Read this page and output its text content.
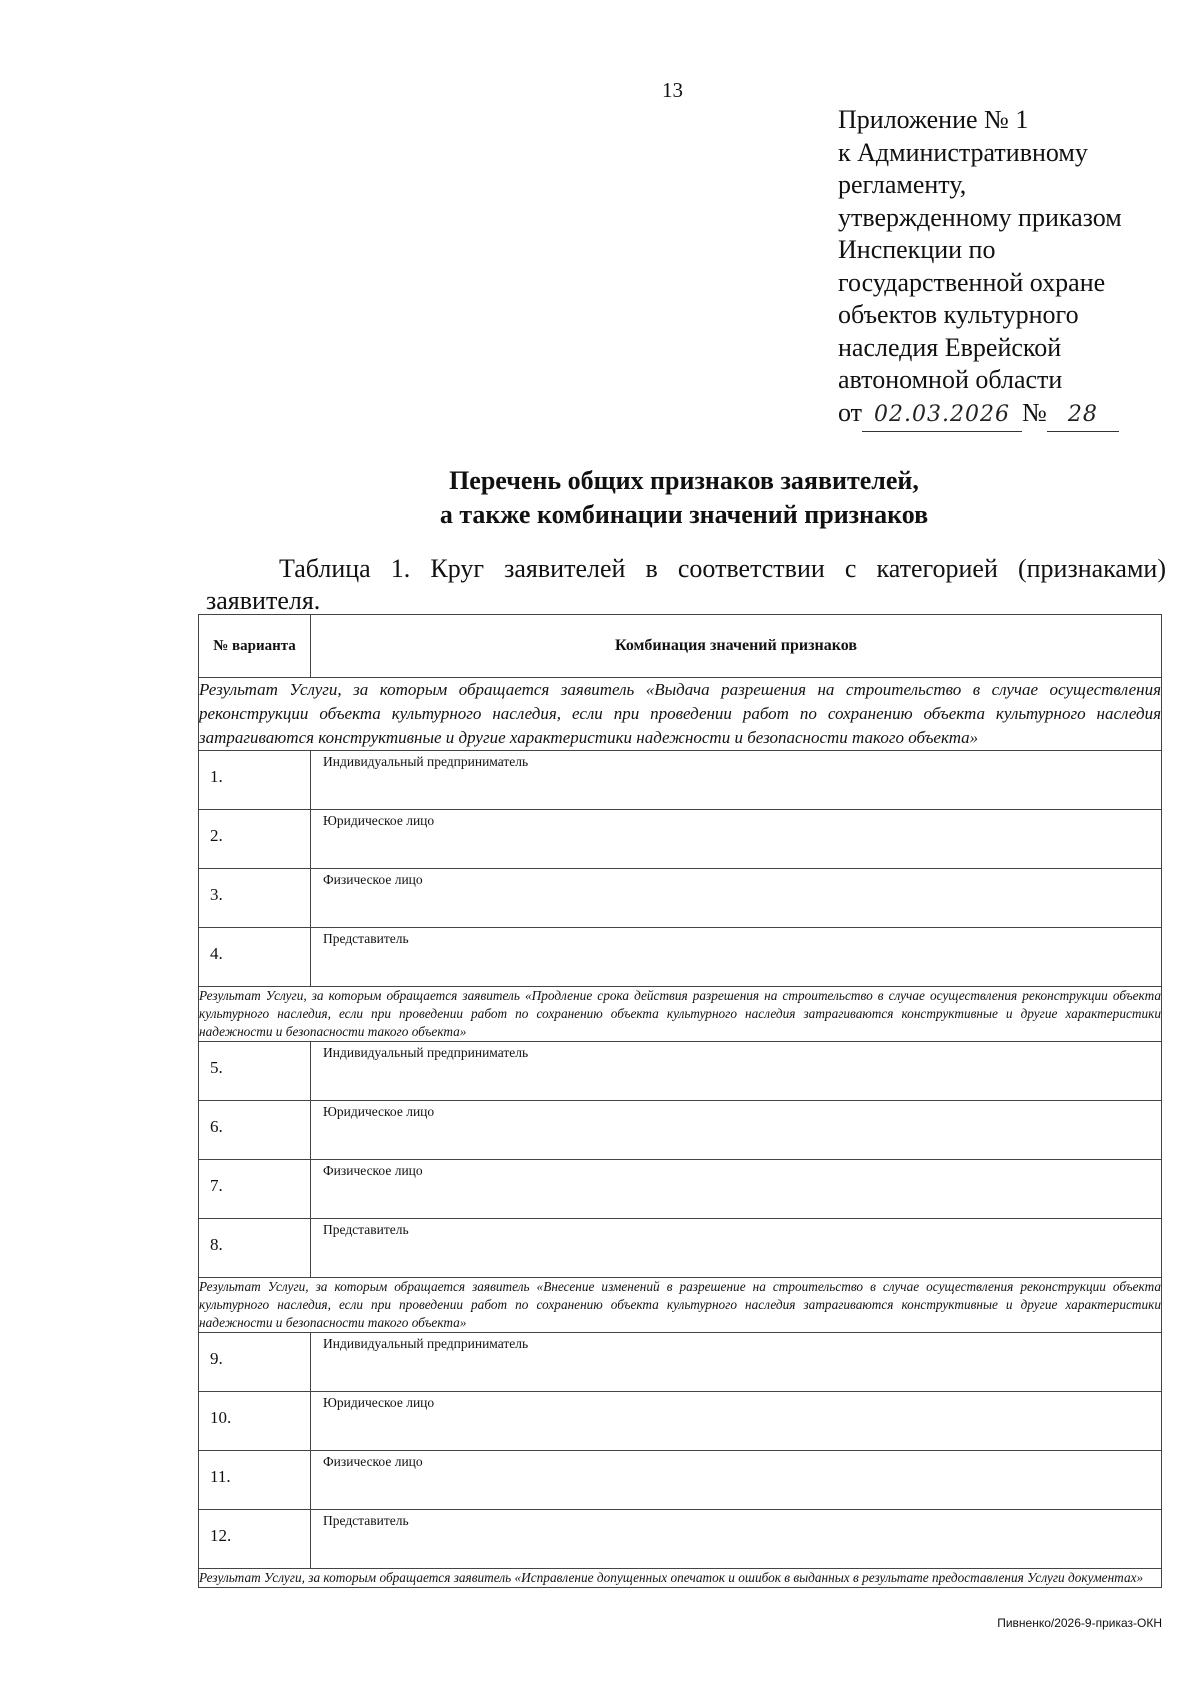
13
Приложение № 1
к Административному
регламенту,
утвержденному приказом
Инспекции по
государственной охране
объектов культурного
наследия Еврейской
автономной области
от 02.03.2026 № 28
Перечень общих признаков заявителей,
а также комбинации значений признаков
Таблица 1. Круг заявителей в соответствии с категорией (признаками) заявителя.
№ варианта	Комбинация значений признаков
Результат Услуги, за которым обращается заявитель «Выдача разрешения на строительство в случае осуществления реконструкции объекта культурного наследия, если при проведении работ по сохранению объекта культурного наследия затрагиваются конструктивные и другие характеристики надежности и безопасности такого объекта»	
1.	Индивидуальный предприниматель
2.	Юридическое лицо
3.	Физическое лицо
4.	Представитель
Результат Услуги, за которым обращается заявитель «Продление срока действия разрешения на строительство в случае осуществления реконструкции объекта культурного наследия, если при проведении работ по сохранению объекта культурного наследия затрагиваются конструктивные и другие характеристики надежности и безопасности такого объекта»	
5.	Индивидуальный предприниматель
6.	Юридическое лицо
7.	Физическое лицо
8.	Представитель
Результат Услуги, за которым обращается заявитель «Внесение изменений в разрешение на строительство в случае осуществления реконструкции объекта культурного наследия, если при проведении работ по сохранению объекта культурного наследия затрагиваются конструктивные и другие характеристики надежности и безопасности такого объекта»	
9.	Индивидуальный предприниматель
10.	Юридическое лицо
11.	Физическое лицо
12.	Представитель
Результат Услуги, за которым обращается заявитель «Исправление допущенных опечаток и ошибок в выданных в результате предоставления Услуги документах»	
Пивненко/2026-9-приказ-ОКН
